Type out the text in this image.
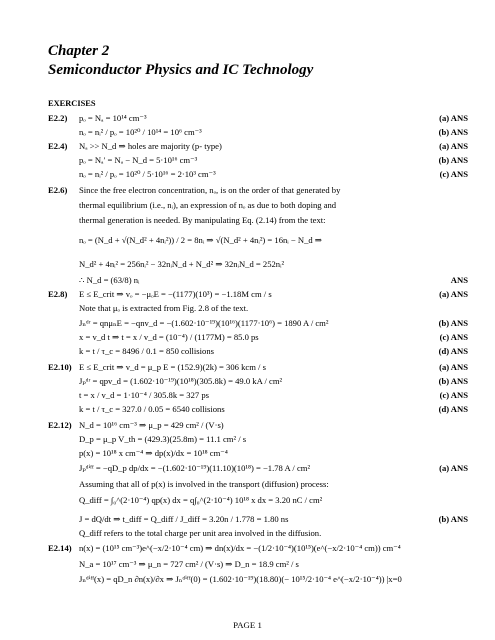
Chapter 2
Semiconductor Physics and IC Technology
EXERCISES
E2.2) pₒ = Nₐ = 10¹⁴ cm⁻³	(a) ANS
nₒ = nᵢ² / pₒ = 10²⁰ / 10¹⁴ = 10⁶ cm⁻³	(b) ANS
E2.4) Nₐ >> N_d ⇒ holes are majority (p- type)	(a) ANS
pₒ = Nₐ′ = Nₐ − N_d = 5·10¹⁶ cm⁻³	(b) ANS
nₒ = nᵢ² / pₒ = 10²⁰ / 5·10¹⁶ = 2·10³ cm⁻³	(c) ANS
E2.6) Since the free electron concentration, nₒ, is on the order of that generated by
thermal equilibrium (i.e., nᵢ), an expression of nₒ as due to both doping and
thermal generation is needed. By manipulating Eq. (2.14) from the text:
nₒ = (N_d + √(N_d² + 4nᵢ²)) / 2 = 8nᵢ ⇒ √(N_d² + 4nᵢ²) = 16nᵢ − N_d ⇒
N_d² + 4nᵢ² = 256nᵢ² − 32nᵢN_d + N_d² ⇒ 32nᵢN_d = 252nᵢ²
∴ N_d = (63/8) nᵢ	ANS
E2.8) E ≤ E_crit ⇒ vₒ = −μₒE = −(1177)(10³) = −1.18M cm / s	(a) ANS
Note that μₒ is extracted from Fig. 2.8 of the text.
Jₙᵈʳ = qnμₙE = −qnv_d = −(1.602·10⁻¹⁹)(10¹⁶)(1177·10⁶) = 1890 A / cm²	(b) ANS
x = v_d t ⇒ t = x / v_d = (10⁻⁴) / (1177M) = 85.0 ps	(c) ANS
k = t / τ_c = 8496 / 0.1 = 850 collisions	(d) ANS
E2.10) E ≤ E_crit ⇒ v_d = μ_p E = (152.9)(2k) = 306 kcm / s	(a) ANS
Jₚᵈʳ = qpv_d = (1.602·10⁻¹⁹)(10¹⁸)(305.8k) = 49.0 kA / cm²	(b) ANS
t = x / v_d = 1·10⁻⁴ / 305.8k = 327 ps	(c) ANS
k = t / τ_c = 327.0 / 0.05 = 6540 collisions	(d) ANS
E2.12) N_d = 10¹⁶ cm⁻³ ⇒ μ_p = 429 cm² / (V·s)
D_p = μ_p V_th = (429.3)(25.8m) = 11.1 cm² / s
p(x) = 10¹⁸ x cm⁻⁴ ⇒ dp(x)/dx = 10¹⁸ cm⁻⁴
Jₚᵈⁱᶠᶠ = −qD_p dp/dx = −(1.602·10⁻¹⁹)(11.10)(10¹⁸) = −1.78 A / cm²	(a) ANS
Assuming that all of p(x) is involved in the transport (diffusion) process:
Q_diff = ∫₀^(2·10⁻⁴) qp(x) dx = q∫₀^(2·10⁻⁴) 10¹⁸ x dx = 3.20 nC / cm²
J = dQ/dt ⇒ t_diff = Q_diff / J_diff = 3.20n / 1.778 = 1.80 ns	(b) ANS
Q_diff refers to the total charge per unit area involved in the diffusion.
E2.14) n(x) = (10¹⁵ cm⁻³)e^(−x/2·10⁻⁴ cm) ⇒ dn(x)/dx = −(1/2·10⁻⁴)(10¹⁵)(e^(−x/2·10⁻⁴ cm)) cm⁻⁴
N_a = 10¹⁷ cm⁻³ ⇒ μ_n = 727 cm² / (V·s) ⇒ D_n = 18.9 cm² / s
Jₙᵈⁱᶠᶠ(x) = qD_n ∂n(x)/∂x ⇒ Jₙᵈⁱᶠᶠ(0) = (1.602·10⁻¹⁹)(18.80)(− 10¹⁵/2·10⁻⁴ e^(−x/2·10⁻⁴)) |x=0
PAGE 1
